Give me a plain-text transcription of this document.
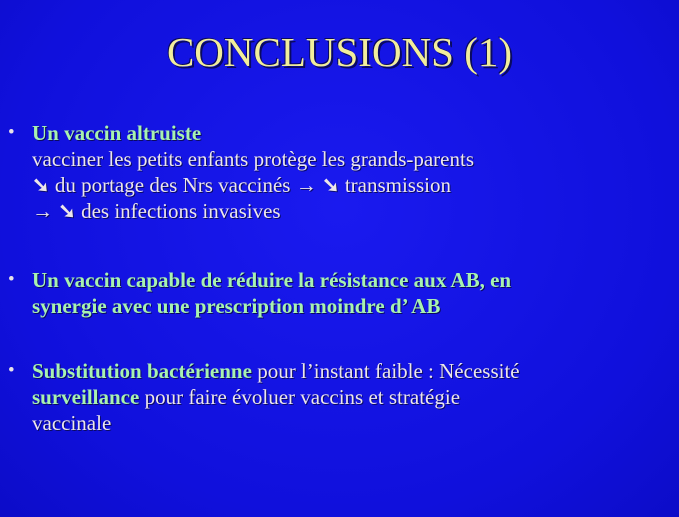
CONCLUSIONS (1)
• Un vaccin altruiste
vacciner les petits enfants protège les grands-parents
➘ du portage des Nrs vaccinés → ➘ transmission
→ ➘ des infections invasives
• Un vaccin capable de réduire la résistance aux AB, en
synergie avec une prescription moindre d’ AB
• Substitution bactérienne pour l’instant faible : Nécessité
surveillance pour faire évoluer vaccins et stratégie
vaccinale
